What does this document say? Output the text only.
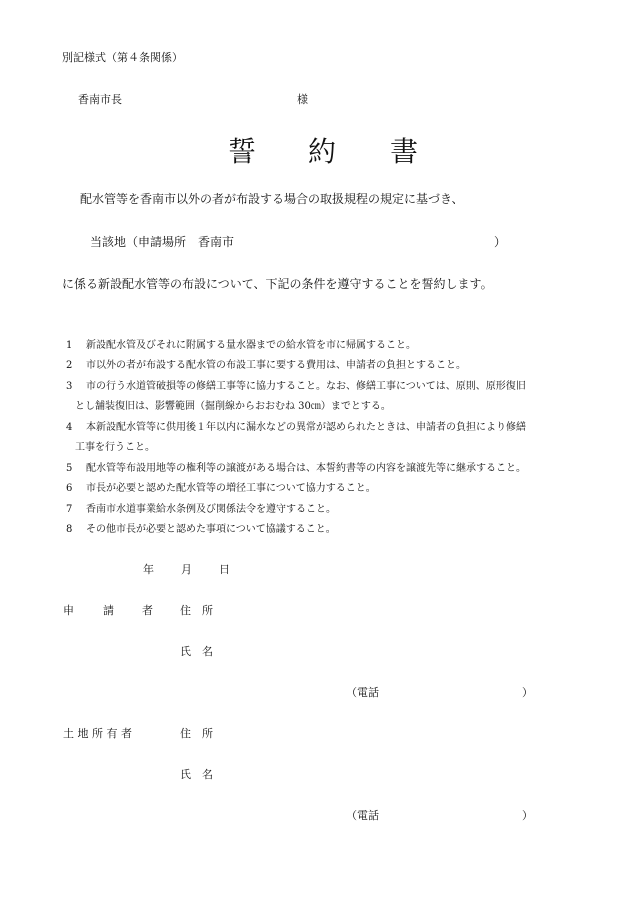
別記様式（第４条関係）
香南市長	様
誓 約 書
配水管等を香南市以外の者が布設する場合の取扱規程の規定に基づき、
当該地（申請場所　香南市	）
に係る新設配水管等の布設について、下記の条件を遵守することを誓約します。
1 新設配水管及びそれに附属する量水器までの給水管を市に帰属すること。
2 市以外の者が布設する配水管の布設工事に要する費用は、申請者の負担とすること。
3 市の行う水道管破損等の修繕工事等に協力すること。なお、修繕工事については、原則、原形復旧
とし舗装復旧は、影響範囲（掘削線からおおむね 30㎝）までとする。
4 本新設配水管等に供用後１年以内に漏水などの異常が認められたときは、申請者の負担により修繕
工事を行うこと。
5 配水管等布設用地等の権利等の譲渡がある場合は、本誓約書等の内容を譲渡先等に継承すること。
6 市長が必要と認めた配水管等の増径工事について協力すること。
7 香南市水道事業給水条例及び関係法令を遵守すること。
8 その他市長が必要と認めた事項について協議すること。
年 月 日
申	請	者 住　所
氏　名
（電話	）
土 地 所 有 者	住　所
氏　名
（電話	）
